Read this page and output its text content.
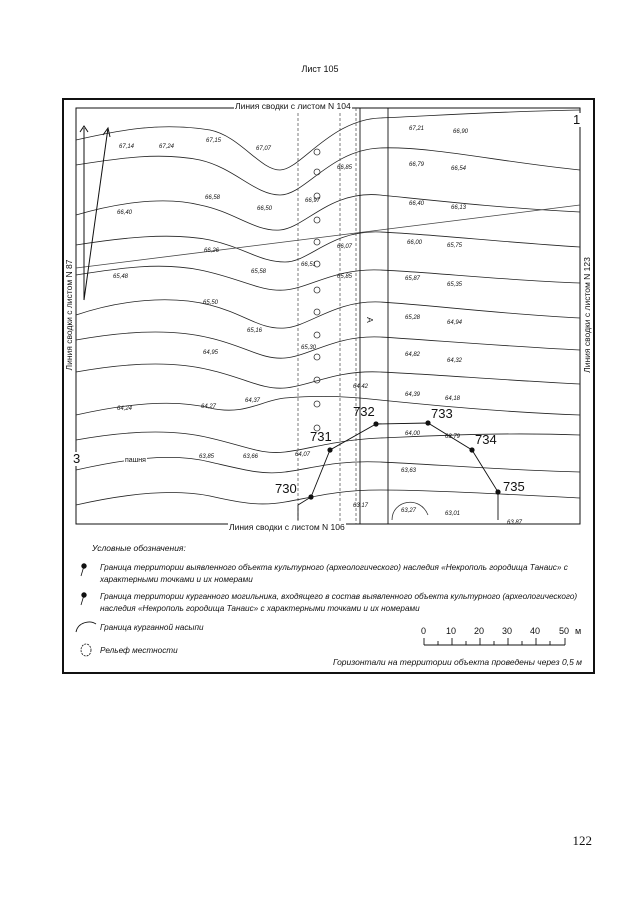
Лист 105
Линия сводки с листом N 104
Линия сводки с листом N 106
Линия сводки с листом N 87	Линия сводки с листом N 123
1
3
А
пашня
730
731
732	733
734
735
67,14	67,24
67,15
67,07
66,85
66,40
66,58
66,50
66,97
66,26
65,48
65,58
66,51
65,50
65,16
65,30
64,95
64,24	64,27
64,37
64,42
63,85	63,66	64,07
63,17
67,21	66,90
66,79
66,54
66,40
66,13
66,07
66,00	65,75
65,85	65,87
65,35
65,28
64,94
64,82
64,32
64,39
64,18
64,00	63,79
63,63
63,27	63,01
63,87
Условные обозначения:
Граница территории выявленного объекта культурного (археологического) наследия «Некрополь городища Танаис» с характерными точками и их номерами
Граница территории курганного могильника, входящего в состав выявленного объекта культурного (археологического) наследия «Некрополь городища Танаис» с характерными точками и их номерами
Граница курганной насыпи
Рельеф местности
0 10 20 30 40 50 м
Горизонтали на территории объекта проведены через 0,5 м
122
